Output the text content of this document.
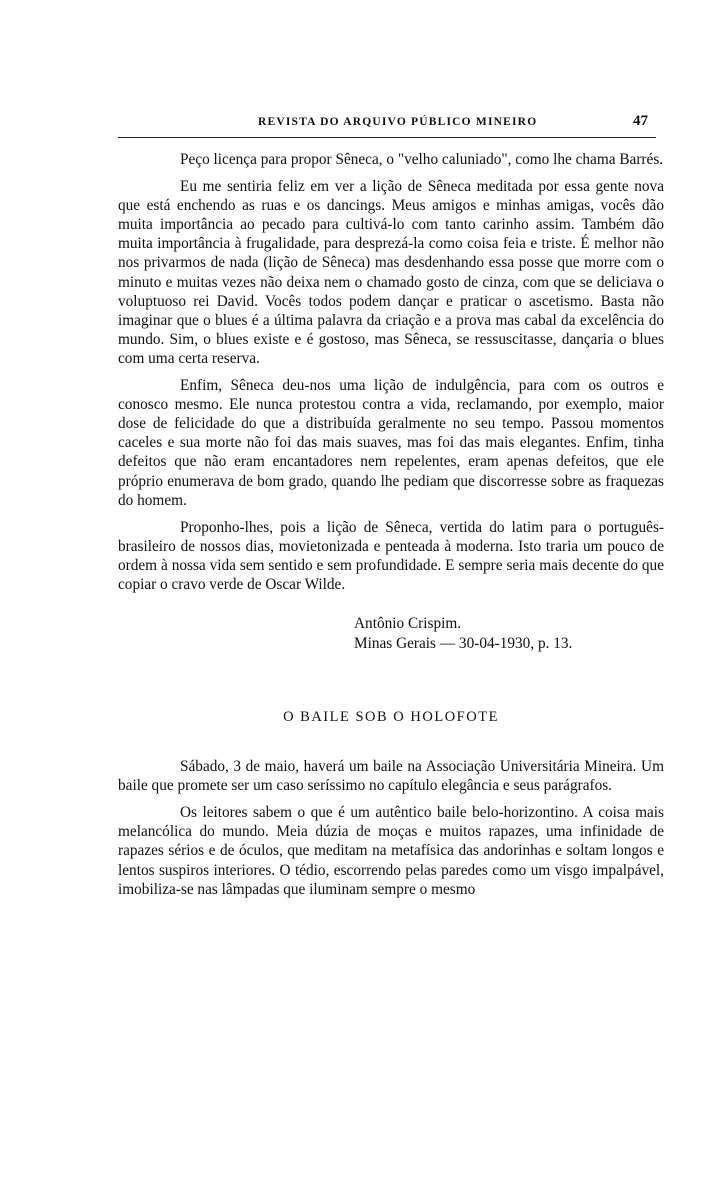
REVISTA DO ARQUIVO PÚBLICO MINEIRO	47

Peço licença para propor Sêneca, o "velho caluniado", como lhe chama Barrés.

Eu me sentiria feliz em ver a lição de Sêneca meditada por essa gente nova que está enchendo as ruas e os dancings. Meus amigos e minhas amigas, vocês dão muita importância ao pecado para cultivá-lo com tanto carinho assim. Também dão muita importância à frugalidade, para desprezá-la como coisa feia e triste. É melhor não nos privarmos de nada (lição de Sêneca) mas desdenhando essa posse que morre com o minuto e muitas vezes não deixa nem o chamado gosto de cinza, com que se deliciava o voluptuoso rei David. Vocês todos podem dançar e praticar o ascetismo. Basta não imaginar que o blues é a última palavra da criação e a prova mas cabal da excelência do mundo. Sim, o blues existe e é gostoso, mas Sêneca, se ressuscitasse, dançaria o blues com uma certa reserva.

Enfim, Sêneca deu-nos uma lição de indulgência, para com os outros e conosco mesmo. Ele nunca protestou contra a vida, reclamando, por exemplo, maior dose de felicidade do que a distribuída geralmente no seu tempo. Passou momentos caceles e sua morte não foi das mais suaves, mas foi das mais elegantes. Enfim, tinha defeitos que não eram encantadores nem repelentes, eram apenas defeitos, que ele próprio enumerava de bom grado, quando lhe pediam que discorresse sobre as fraquezas do homem.

Proponho-lhes, pois a lição de Sêneca, vertida do latim para o português-brasileiro de nossos dias, movietonizada e penteada à moderna. Isto traria um pouco de ordem à nossa vida sem sentido e sem profundidade. E sempre seria mais decente do que copiar o cravo verde de Oscar Wilde.

Antônio Crispim.
Minas Gerais — 30-04-1930, p. 13.
O BAILE SOB O HOLOFOTE

Sábado, 3 de maio, haverá um baile na Associação Universitária Mineira. Um baile que promete ser um caso seríssimo no capítulo elegância e seus parágrafos.

Os leitores sabem o que é um autêntico baile belo-horizontino. A coisa mais melancólica do mundo. Meia dúzia de moças e muitos rapazes, uma infinidade de rapazes sérios e de óculos, que meditam na metafísica das andorinhas e soltam longos e lentos suspiros interiores. O tédio, escorrendo pelas paredes como um visgo impalpável, imobiliza-se nas lâmpadas que iluminam sempre o mesmo
